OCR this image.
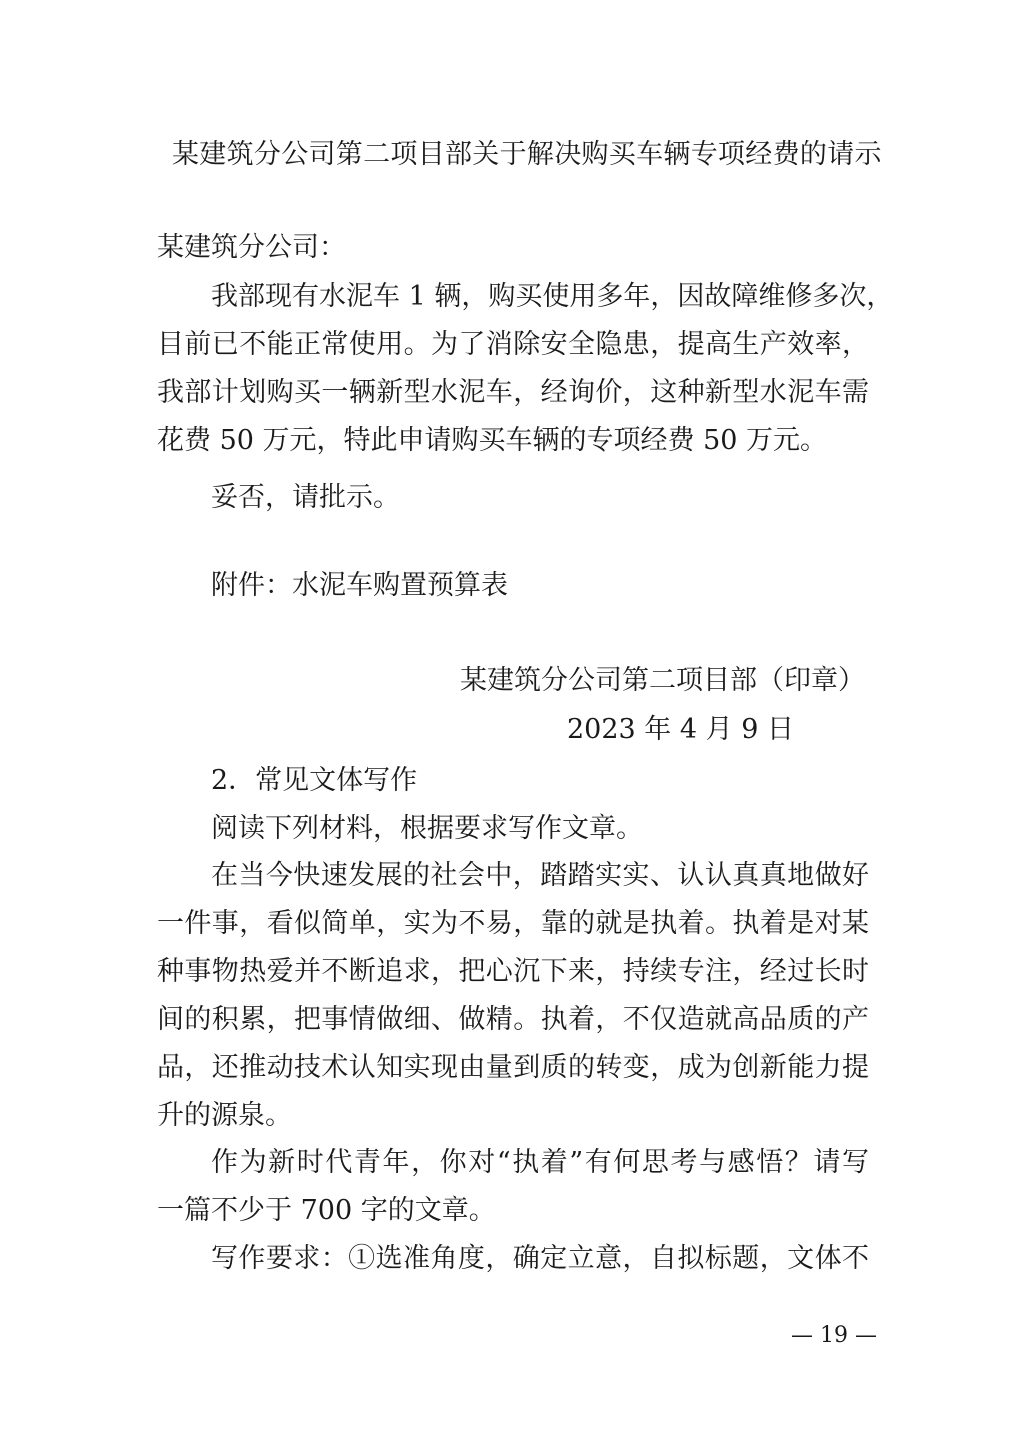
某建筑分公司第二项目部关于解决购买车辆专项经费的请示
某建筑分公司：
我部现有水泥车 1 辆，购买使用多年，因故障维修多次，
目前已不能正常使用。为了消除安全隐患，提高生产效率，
我部计划购买一辆新型水泥车，经询价，这种新型水泥车需
花费 50 万元，特此申请购买车辆的专项经费 50 万元。
妥否，请批示。
附件：水泥车购置预算表
某建筑分公司第二项目部（印章）
2023 年 4 月 9 日
2．常见文体写作
阅读下列材料，根据要求写作文章。
在当今快速发展的社会中，踏踏实实、认认真真地做好
一件事，看似简单，实为不易，靠的就是执着。执着是对某
种事物热爱并不断追求，把心沉下来，持续专注，经过长时
间的积累，把事情做细、做精。执着，不仅造就高品质的产
品，还推动技术认知实现由量到质的转变，成为创新能力提
升的源泉。
作为新时代青年，你对“执着”有何思考与感悟？请写
一篇不少于 700 字的文章。
写作要求：①选准角度，确定立意，自拟标题，文体不
— 19 —
